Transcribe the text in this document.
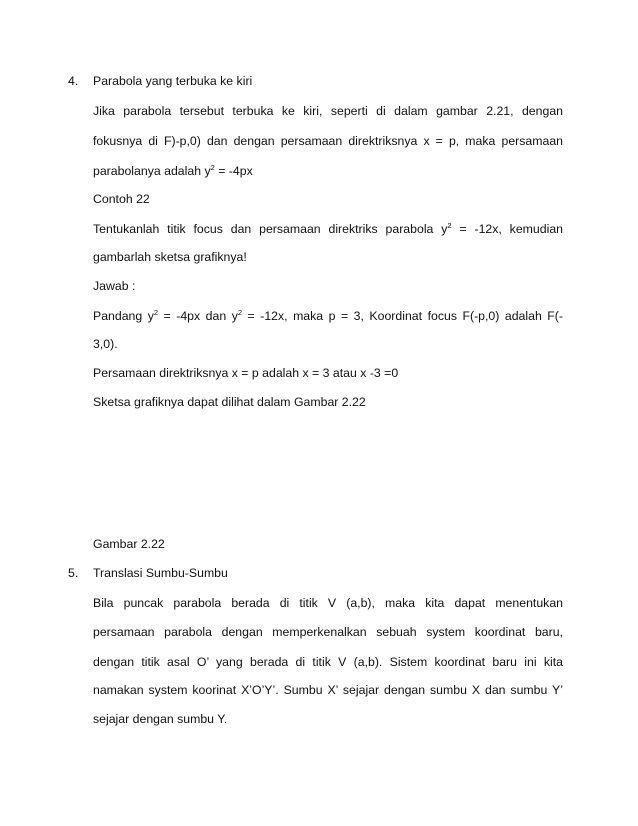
4. Parabola yang terbuka ke kiri
Jika parabola tersebut terbuka ke kiri, seperti di dalam gambar 2.21, dengan
fokusnya di F)-p,0) dan dengan persamaan direktriksnya x = p, maka persamaan
parabolanya adalah $y^2 = -4px$
Contoh 22
Tentukanlah titik focus dan persamaan direktriks parabola $y^2 = -12x$, kemudian
gambarlah sketsa grafiknya!
Jawab :
Pandang $y^2 = -4px$ dan $y^2 = -12x$, maka p = 3, Koordinat focus F(-p,0) adalah F(-
3,0).
Persamaan direktriksnya x = p adalah x = 3 atau x -3 =0
Sketsa grafiknya dapat dilihat dalam Gambar 2.22
Gambar 2.22
5. Translasi Sumbu-Sumbu
Bila puncak parabola berada di titik V (a,b), maka kita dapat menentukan
persamaan parabola dengan memperkenalkan sebuah system koordinat baru,
dengan titik asal O’ yang berada di titik V (a,b). Sistem koordinat baru ini kita
namakan system koorinat X’O’Y’. Sumbu X’ sejajar dengan sumbu X dan sumbu Y’
sejajar dengan sumbu Y.
